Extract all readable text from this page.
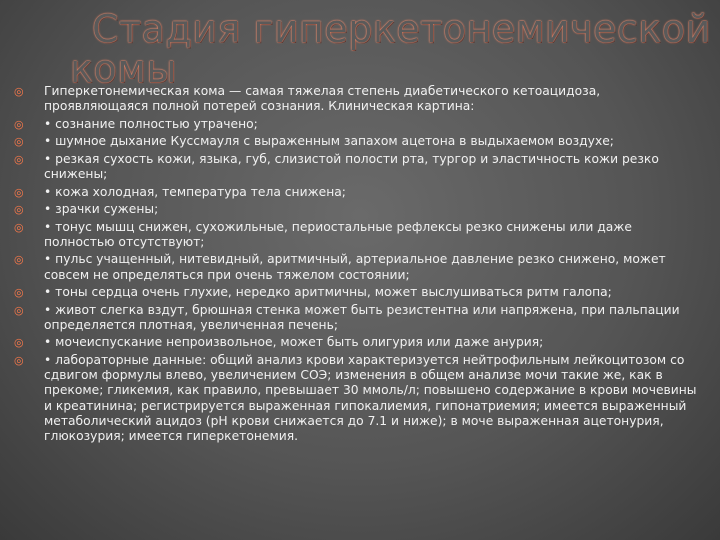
Стадия гиперкетонемической
комы
◎	Гиперкетонемическая кома — самая тяжелая степень диабетического кетоацидоза, проявляющаяся полной потерей сознания. Клиническая картина:
◎	• сознание полностью утрачено;
◎	• шумное дыхание Куссмауля с выраженным запахом ацетона в выдыхаемом воздухе;
◎	• резкая сухость кожи, языка, губ, слизистой полости рта, тургор и эластичность кожи резко снижены;
◎	• кожа холодная, температура тела снижена;
◎	• зрачки сужены;
◎	• тонус мышц снижен, сухожильные, периостальные рефлексы резко снижены или даже полностью отсутствуют;
◎	• пульс учащенный, нитевидный, аритмичный, артериальное давление резко снижено, может совсем не определяться при очень тяжелом состоянии;
◎	• тоны сердца очень глухие, нередко аритмичны, может выслушиваться ритм галопа;
◎	• живот слегка вздут, брюшная стенка может быть резистентна или напряжена, при пальпации определяется плотная, увеличенная печень;
◎	• мочеиспускание непроизвольное, может быть олигурия или даже анурия;
◎	• лабораторные данные: общий анализ крови характеризуется нейтрофильным лейкоцитозом со сдвигом формулы влево, увеличением СОЭ; изменения в общем анализе мочи такие же, как в прекоме; гликемия, как правило, превышает 30 ммоль/л; повышено содержание в крови мочевины и креатинина; регистрируется выраженная гипокалиемия, гипонатриемия; имеется выраженный метаболический ацидоз (pH крови снижается до 7.1 и ниже); в моче выраженная ацетонурия, глюкозурия; имеется гиперкетонемия.
